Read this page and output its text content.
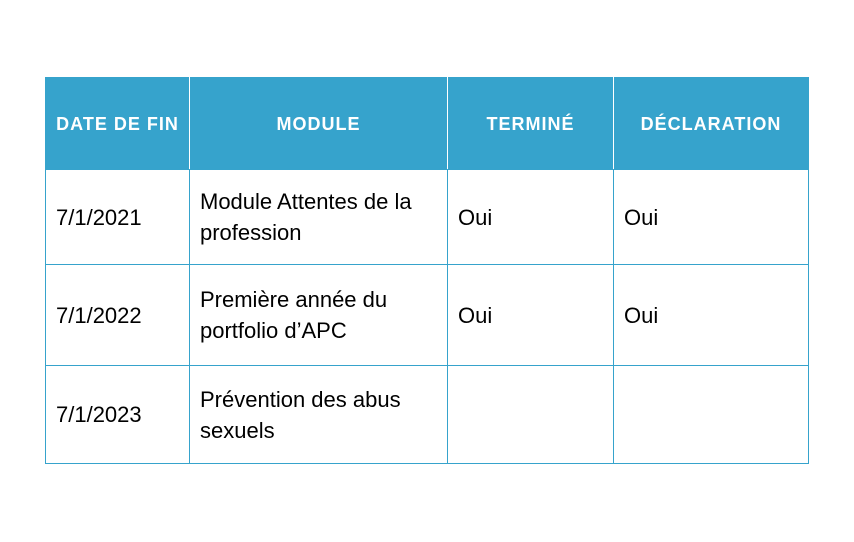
DATE DE FIN	MODULE	TERMINÉ	DÉCLARATION
7/1/2021	Module Attentes de la profession	Oui	Oui
7/1/2022	Première année du portfolio d’APC	Oui	Oui
7/1/2023	Prévention des abus sexuels		
